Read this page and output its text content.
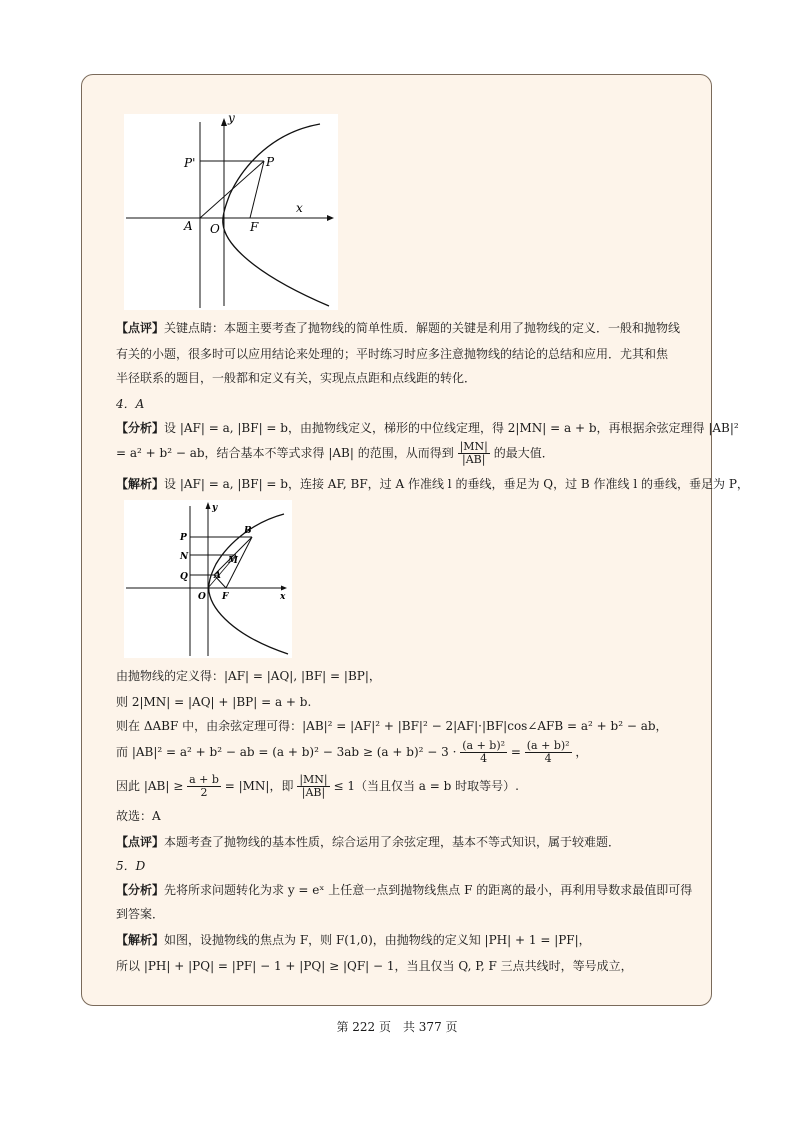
y
x
P'	P
A O	F
【点评】关键点睛：本题主要考查了抛物线的简单性质．解题的关键是利用了抛物线的定义．一般和抛物线
有关的小题，很多时可以应用结论来处理的；平时练习时应多注意抛物线的结论的总结和应用．尤其和焦
半径联系的题目，一般都和定义有关，实现点点距和点线距的转化．
4．A
【分析】设 |AF| = a, |BF| = b，由抛物线定义，梯形的中位线定理，得 2|MN| = a + b，再根据余弦定理得 |AB|²
= a² + b² − ab，结合基本不等式求得 |AB| 的范围，从而得到 $\frac{|MN|}{|AB|}$ 的最大值．
【解析】设 |AF| = a, |BF| = b，连接 AF, BF，过 A 作准线 l 的垂线，垂足为 Q，过 B 作准线 l 的垂线，垂足为 P，
y
P
N
Q
B
M
A
O F	x
由抛物线的定义得：|AF| = |AQ|, |BF| = |BP|，
则 2|MN| = |AQ| + |BP| = a + b.
则在 ΔABF 中，由余弦定理可得：|AB|² = |AF|² + |BF|² − 2|AF|·|BF|cos∠AFB = a² + b² − ab，
而 |AB|² = a² + b² − ab = $(a + b)^2 - 3ab \ge (a + b)^2 - 3 \cdot \frac{\text{(a + b)²}}{4} = \frac{\text{(a + b)²}}{4}$ ，
因此 $|AB| \ge \frac{a + b}{2} = |MN|$，即 $\frac{|MN|}{|AB|} \le 1$（当且仅当 a = b 时取等号）.
故选：A
【点评】本题考查了抛物线的基本性质，综合运用了余弦定理，基本不等式知识，属于较难题．
5．D
【分析】先将所求问题转化为求 y = eˣ 上任意一点到抛物线焦点 F 的距离的最小，再利用导数求最值即可得
到答案．
【解析】如图，设抛物线的焦点为 F，则 F(1,0)，由抛物线的定义知 |PH| + 1 = |PF|，
所以 |PH| + |PQ| = |PF| − 1 + |PQ| ≥ |QF| − 1，当且仅当 Q, P, F 三点共线时，等号成立，
第 222 页　共 377 页
